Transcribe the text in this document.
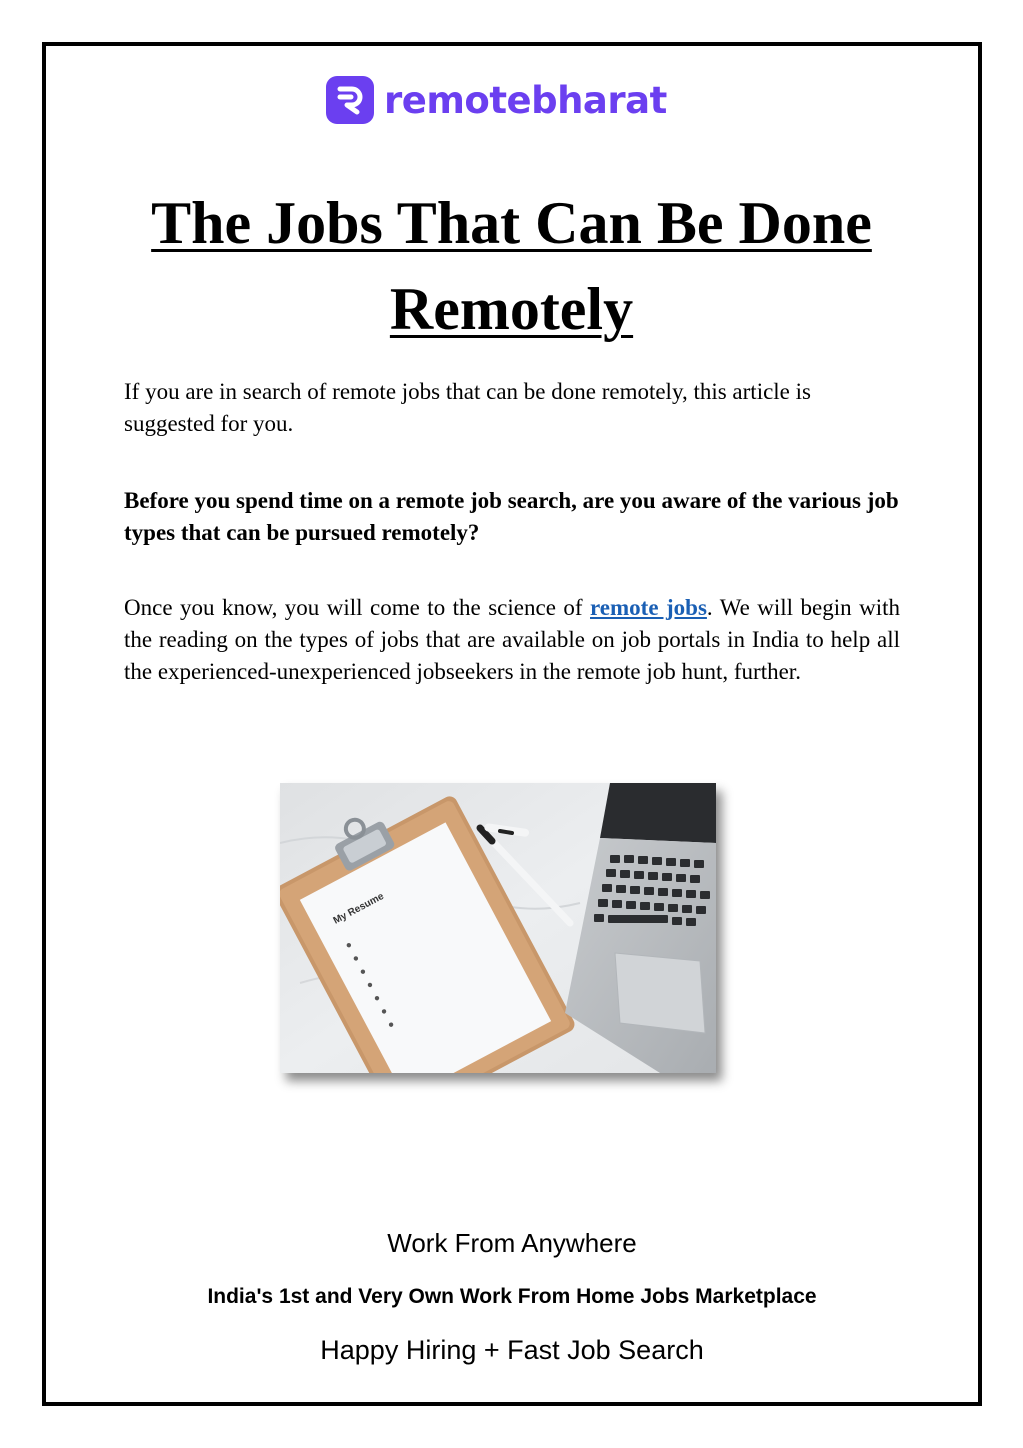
remotebharat
The Jobs That Can Be Done
Remotely

If you are in search of remote jobs that can be done remotely, this article is suggested for you.

Before you spend time on a remote job search, are you aware of the various job types that can be pursued remotely?

Once you know, you will come to the science of remote jobs. We will begin with the reading on the types of jobs that are available on job portals in India to help all the experienced-unexperienced jobseekers in the remote job hunt, further.

My Resume
Work From Anywhere
India's 1st and Very Own Work From Home Jobs Marketplace
Happy Hiring + Fast Job Search
